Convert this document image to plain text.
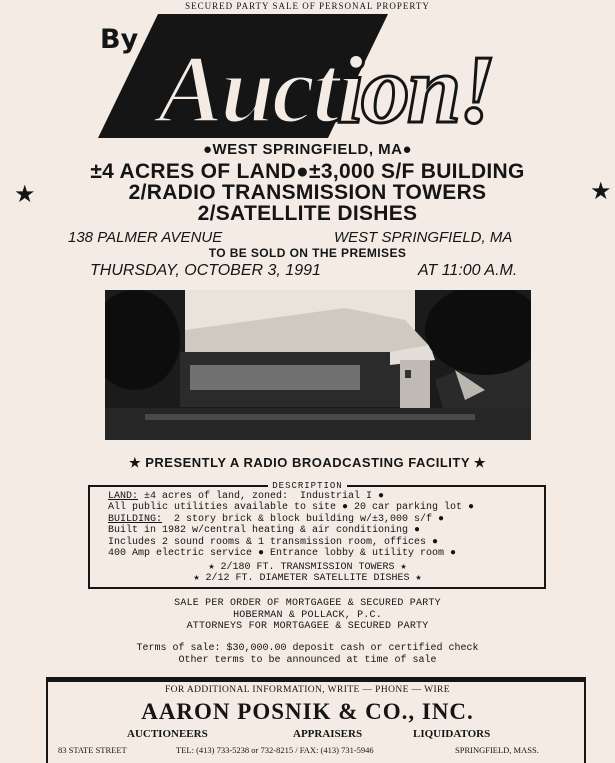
SECURED PARTY SALE OF PERSONAL PROPERTY
Auction!
By
●WEST SPRINGFIELD, MA●
±4 ACRES OF LAND●±3,000 S/F BUILDING
2/RADIO TRANSMISSION TOWERS
2/SATELLITE DISHES
★	★
138 PALMER AVENUE	WEST SPRINGFIELD, MA
TO BE SOLD ON THE PREMISES
THURSDAY, OCTOBER 3, 1991	AT 11:00 A.M.
★ PRESENTLY A RADIO BROADCASTING FACILITY ★
DESCRIPTION
LAND: ±4 acres of land, zoned:  Industrial I ●
All public utilities available to site ● 20 car parking lot ●
BUILDING:  2 story brick & block building w/±3,000 s/f ●
Built in 1982 w/central heating & air conditioning ●
Includes 2 sound rooms & 1 transmission room, offices ●
400 Amp electric service ● Entrance lobby & utility room ●
★ 2/180 FT. TRANSMISSION TOWERS ★
★ 2/12 FT. DIAMETER SATELLITE DISHES ★
SALE PER ORDER OF MORTGAGEE & SECURED PARTY
HOBERMAN & POLLACK, P.C.
ATTORNEYS FOR MORTGAGEE & SECURED PARTY
Terms of sale: $30,000.00 deposit cash or certified check
Other terms to be announced at time of sale
FOR ADDITIONAL INFORMATION, WRITE — PHONE — WIRE
AARON POSNIK & CO., INC.
AUCTIONEERS	APPRAISERS	LIQUIDATORS
83 STATE STREET	TEL: (413) 733-5238 or 732-8215 / FAX: (413) 731-5946	SPRINGFIELD, MASS.
